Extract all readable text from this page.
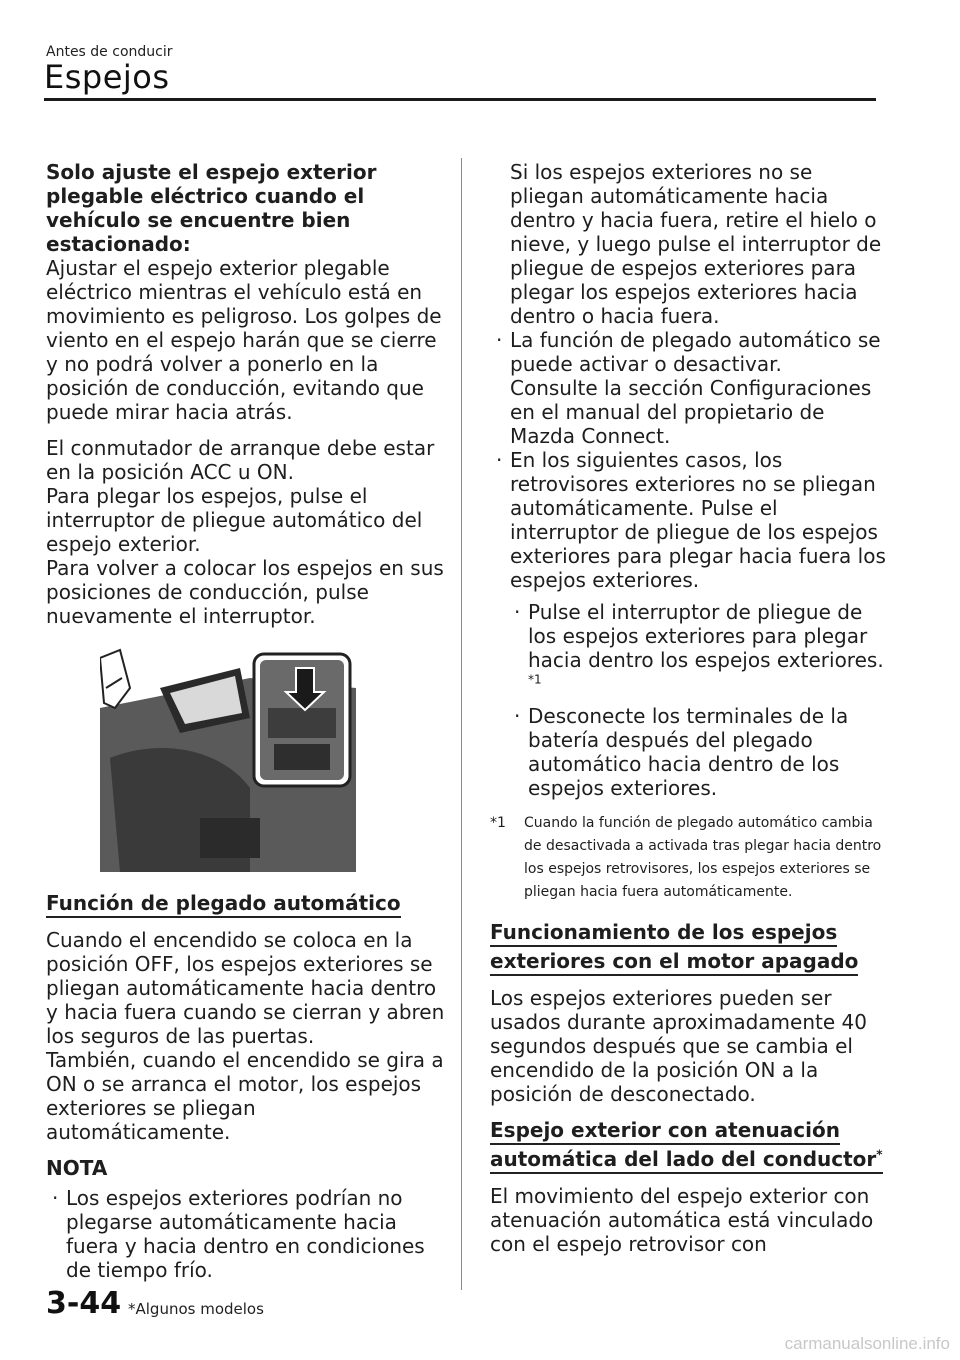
Antes de conducir
Espejos

Solo ajuste el espejo exterior plegable eléctrico cuando el vehículo se encuentre bien estacionado:

Ajustar el espejo exterior plegable eléctrico mientras el vehículo está en movimiento es peligroso. Los golpes de viento en el espejo harán que se cierre y no podrá volver a ponerlo en la posición de conducción, evitando que puede mirar hacia atrás.

El conmutador de arranque debe estar en la posición ACC u ON.

Para plegar los espejos, pulse el interruptor de pliegue automático del espejo exterior.

Para volver a colocar los espejos en sus posiciones de conducción, pulse nuevamente el interruptor.

Función de plegado automático

Cuando el encendido se coloca en la posición OFF, los espejos exteriores se pliegan automáticamente hacia dentro y hacia fuera cuando se cierran y abren los seguros de las puertas.

También, cuando el encendido se gira a ON o se arranca el motor, los espejos exteriores se pliegan automáticamente.

NOTA
· Los espejos exteriores podrían no plegarse automáticamente hacia fuera y hacia dentro en condiciones de tiempo frío.
Si los espejos exteriores no se pliegan automáticamente hacia dentro y hacia fuera, retire el hielo o nieve, y luego pulse el interruptor de pliegue de espejos exteriores para plegar los espejos exteriores hacia dentro o hacia fuera.
· La función de plegado automático se puede activar o desactivar.
Consulte la sección Configuraciones en el manual del propietario de Mazda Connect.
· En los siguientes casos, los retrovisores exteriores no se pliegan automáticamente. Pulse el interruptor de pliegue de los espejos exteriores para plegar hacia fuera los espejos exteriores.
· Pulse el interruptor de pliegue de los espejos exteriores para plegar hacia dentro los espejos exteriores. $^{*1}$
· Desconecte los terminales de la batería después del plegado automático hacia dentro de los espejos exteriores.
*1 Cuando la función de plegado automático cambia de desactivada a activada tras plegar hacia dentro los espejos retrovisores, los espejos exteriores se pliegan hacia fuera automáticamente.
Funcionamiento de los espejos
exteriores con el motor apagado

Los espejos exteriores pueden ser usados durante aproximadamente 40 segundos después que se cambia el encendido de la posición ON a la posición de desconectado.

Espejo exterior con atenuación
automática del lado del conductor*

El movimiento del espejo exterior con atenuación automática está vinculado con el espejo retrovisor con

3-44 *Algunos modelos
carmanualsonline.info
